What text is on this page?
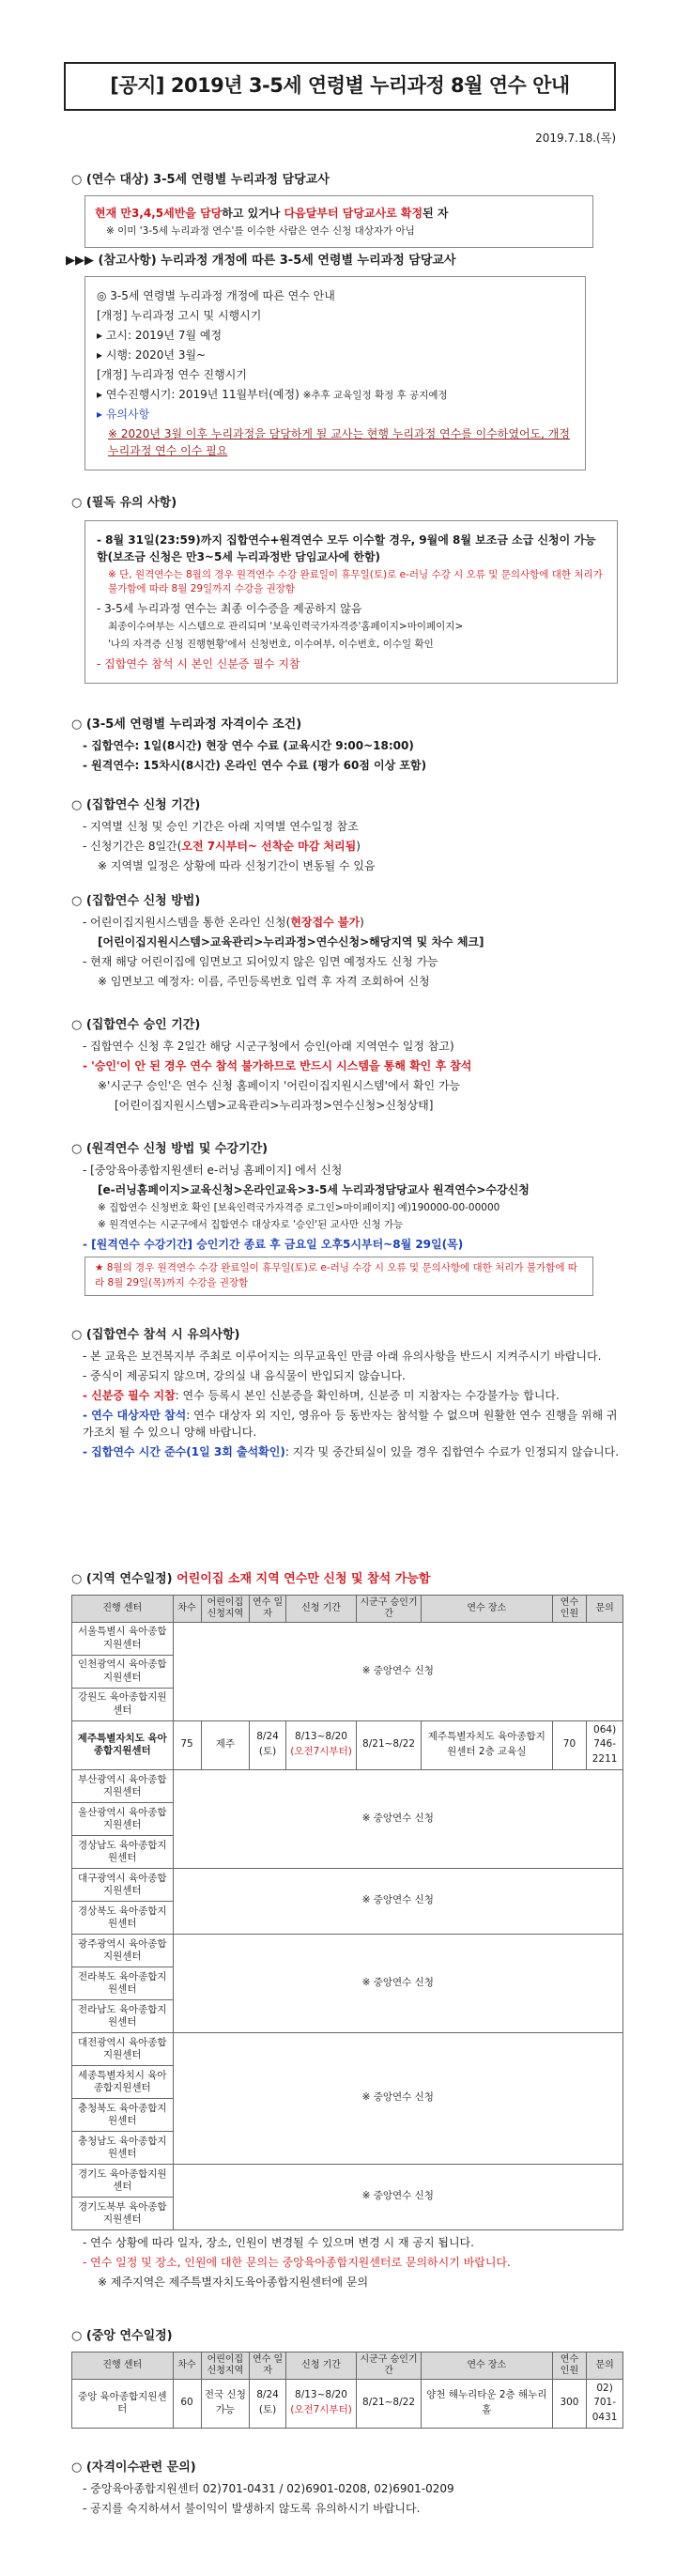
[공지] 2019년 3-5세 연령별 누리과정 8월 연수 안내
2019.7.18.(목)
○ (연수 대상) 3-5세 연령별 누리과정 담당교사
현재 만3,4,5세반을 담당하고 있거나 다음달부터 담당교사로 확정된 자
※ 이미 '3-5세 누리과정 연수'를 이수한 사람은 연수 신청 대상자가 아님
▶▶▶ (참고사항) 누리과정 개정에 따른 3-5세 연령별 누리과정 담당교사
◎ 3-5세 연령별 누리과정 개정에 따른 연수 안내
[개정] 누리과정 고시 및 시행시기
▸ 고시: 2019년 7월 예정
▸ 시행: 2020년 3월~
[개정] 누리과정 연수 진행시기
▸ 연수진행시기: 2019년 11월부터(예정) ※추후 교육일정 확정 후 공지예정
▸ 유의사항
※ 2020년 3월 이후 누리과정을 담당하게 될 교사는 현행 누리과정 연수를 이수하였어도, 개정 누리과정 연수 이수 필요
○ (필독 유의 사항)
- 8월 31일(23:59)까지 집합연수+원격연수 모두 이수할 경우, 9월에 8월 보조금 소급 신청이 가능함(보조금 신청은 만3~5세 누리과정반 담임교사에 한함)
※ 단, 원격연수는 8월의 경우 원격연수 수강 완료일이 휴무일(토)로 e-러닝 수강 시 오류 및 문의사항에 대한 처리가 불가함에 따라 8월 29일까지 수강을 권장함
- 3-5세 누리과정 연수는 최종 이수증을 제공하지 않음
최종이수여부는 시스템으로 관리되며 '보육인력국가자격증'홈페이지>마이페이지>
'나의 자격증 신청 진행현황'에서 신청번호, 이수여부, 이수번호, 이수일 확인
- 집합연수 참석 시 본인 신분증 필수 지참
○ (3-5세 연령별 누리과정 자격이수 조건)
- 집합연수: 1일(8시간) 현장 연수 수료 (교육시간 9:00~18:00)
- 원격연수: 15차시(8시간) 온라인 연수 수료 (평가 60점 이상 포함)
○ (집합연수 신청 기간)
- 지역별 신청 및 승인 기간은 아래 지역별 연수일정 참조
- 신청기간은 8일간(오전 7시부터~ 선착순 마감 처리됨)
※ 지역별 일정은 상황에 따라 신청기간이 변동될 수 있음
○ (집합연수 신청 방법)
- 어린이집지원시스템을 통한 온라인 신청(현장접수 불가)
[어린이집지원시스템>교육관리>누리과정>연수신청>해당지역 및 차수 체크]
- 현재 해당 어린이집에 임면보고 되어있지 않은 임면 예정자도 신청 가능
※ 임면보고 예정자: 이름, 주민등록번호 입력 후 자격 조회하여 신청
○ (집합연수 승인 기간)
- 집합연수 신청 후 2일간 해당 시군구청에서 승인(아래 지역연수 일정 참고)
- '승인'이 안 된 경우 연수 참석 불가하므로 반드시 시스템을 통해 확인 후 참석
※'시군구 승인'은 연수 신청 홈페이지 '어린이집지원시스템'에서 확인 가능
[어린이집지원시스템>교육관리>누리과정>연수신청>신청상태]
○ (원격연수 신청 방법 및 수강기간)
- [중앙육아종합지원센터 e-러닝 홈페이지] 에서 신청
[e-러닝홈페이지>교육신청>온라인교육>3-5세 누리과정담당교사 원격연수>수강신청
※ 집합연수 신청번호 확인 [보육인력국가자격증 로그인>마이페이지] 예)190000-00-00000
※ 원격연수는 시군구에서 집합연수 대상자로 '승인'된 교사만 신청 가능
- [원격연수 수강기간] 승인기간 종료 후 금요일 오후5시부터~8월 29일(목)
★ 8월의 경우 원격연수 수강 완료일이 휴무일(토)로 e-러닝 수강 시 오류 및 문의사항에 대한 처리가 불가함에 따라 8월 29일(목)까지 수강을 권장함
○ (집합연수 참석 시 유의사항)
- 본 교육은 보건복지부 주최로 이루어지는 의무교육인 만큼 아래 유의사항을 반드시 지켜주시기 바랍니다.
- 중식이 제공되지 않으며, 강의실 내 음식물이 반입되지 않습니다.
- 신분증 필수 지참: 연수 등록시 본인 신분증을 확인하며, 신분증 미 지참자는 수강불가능 합니다.
- 연수 대상자만 참석: 연수 대상자 외 지인, 영유아 등 동반자는 참석할 수 없으며 원활한 연수 진행을 위해 귀가조치 될 수 있으니 양해 바랍니다.
- 집합연수 시간 준수(1일 3회 출석확인): 지각 및 중간퇴실이 있을 경우 집합연수 수료가 인정되지 않습니다.
○ (지역 연수일정) 어린이집 소재 지역 연수만 신청 및 참석 가능함
진행 센터	차수	어린이집 신청지역	연수 일자	신청 기간	시군구 승인기간	연수 장소	연수 인원	문의
서울특별시 육아종합지원센터	※ 중앙연수 신청							
인천광역시 육아종합지원센터								
강원도 육아종합지원센터								
제주특별자치도 육아종합지원센터	75	제주	8/24 (토)	8/13~8/20
(오전7시부터)	8/21~8/22	제주특별자치도 육아종합지원센터 2층 교육실	70	064) 746-2211
부산광역시 육아종합지원센터	※ 중앙연수 신청							
울산광역시 육아종합지원센터								
경상남도 육아종합지원센터								
대구광역시 육아종합지원센터	※ 중앙연수 신청							
경상북도 육아종합지원센터								
광주광역시 육아종합지원센터	※ 중앙연수 신청							
전라북도 육아종합지원센터								
전라남도 육아종합지원센터								
대전광역시 육아종합지원센터	※ 중앙연수 신청							
세종특별자치시 육아종합지원센터								
충청북도 육아종합지원센터								
충청남도 육아종합지원센터								
경기도 육아종합지원센터	※ 중앙연수 신청							
경기도북부 육아종합지원센터								
- 연수 상황에 따라 일자, 장소, 인원이 변경될 수 있으며 변경 시 재 공지 됩니다.
- 연수 일정 및 장소, 인원에 대한 문의는 중앙육아종합지원센터로 문의하시기 바랍니다.
※ 제주지역은 제주특별자치도육아종합지원센터에 문의
○ (중앙 연수일정)
진행 센터	차수	어린이집 신청지역	연수 일자	신청 기간	시군구 승인기간	연수 장소	연수 인원	문의
중앙 육아종합지원센터	60	전국 신청 가능	8/24 (토)	8/13~8/20
(오전7시부터)	8/21~8/22	양천 해누리타운 2층 해누리홀	300	02) 701-0431
○ (자격이수관련 문의)
- 중앙육아종합지원센터 02)701-0431 / 02)6901-0208, 02)6901-0209
- 공지를 숙지하셔서 불이익이 발생하지 않도록 유의하시기 바랍니다.
